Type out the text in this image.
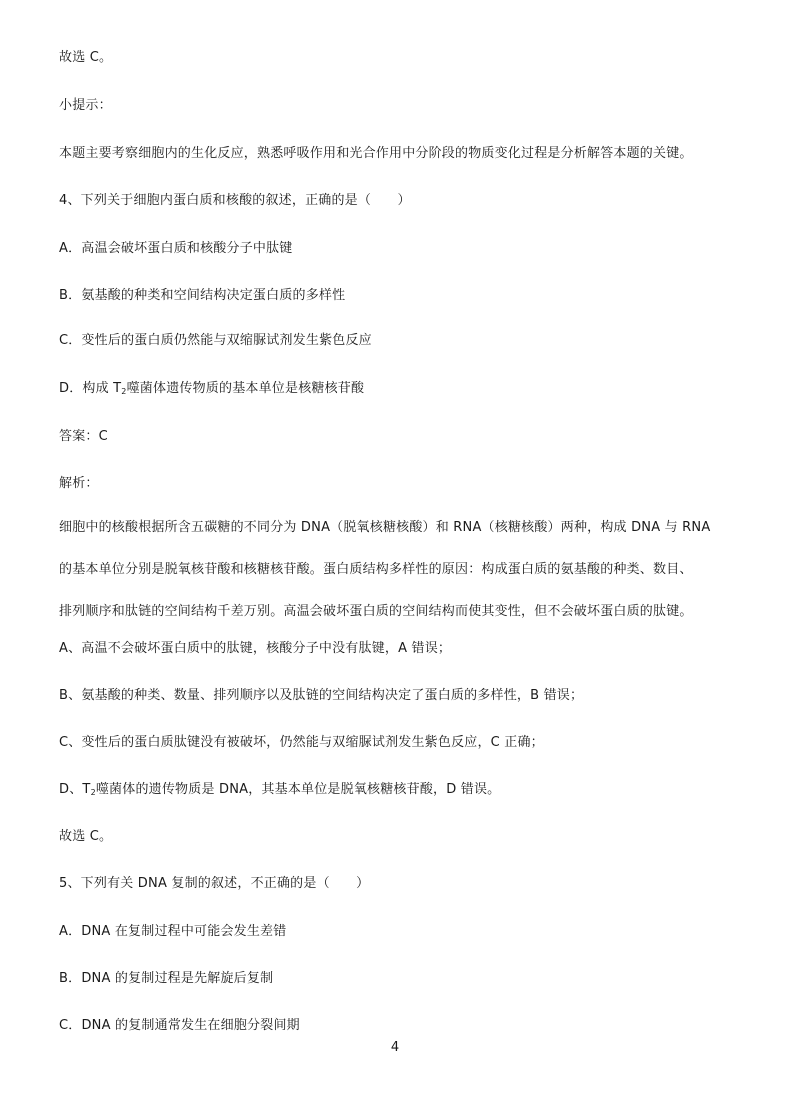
故选 C。
小提示：
本题主要考察细胞内的生化反应，熟悉呼吸作用和光合作用中分阶段的物质变化过程是分析解答本题的关键。
4、下列关于细胞内蛋白质和核酸的叙述，正确的是（　　）
A．高温会破坏蛋白质和核酸分子中肽键
B．氨基酸的种类和空间结构决定蛋白质的多样性
C．变性后的蛋白质仍然能与双缩脲试剂发生紫色反应
D．构成 $T_2$噬菌体遗传物质的基本单位是核糖核苷酸
答案：C
解析：
细胞中的核酸根据所含五碳糖的不同分为 DNA（脱氧核糖核酸）和 RNA（核糖核酸）两种，构成 DNA 与 RNA
的基本单位分别是脱氧核苷酸和核糖核苷酸。蛋白质结构多样性的原因：构成蛋白质的氨基酸的种类、数目、
排列顺序和肽链的空间结构千差万别。高温会破坏蛋白质的空间结构而使其变性，但不会破坏蛋白质的肽键。
A、高温不会破坏蛋白质中的肽键，核酸分子中没有肽键，A 错误；
B、氨基酸的种类、数量、排列顺序以及肽链的空间结构决定了蛋白质的多样性，B 错误；
C、变性后的蛋白质肽键没有被破坏，仍然能与双缩脲试剂发生紫色反应，C 正确；
D、$T_2$噬菌体的遗传物质是 DNA，其基本单位是脱氧核糖核苷酸，D 错误。
故选 C。
5、下列有关 DNA 复制的叙述，不正确的是（　　）
A．DNA 在复制过程中可能会发生差错
B．DNA 的复制过程是先解旋后复制
C．DNA 的复制通常发生在细胞分裂间期
4
